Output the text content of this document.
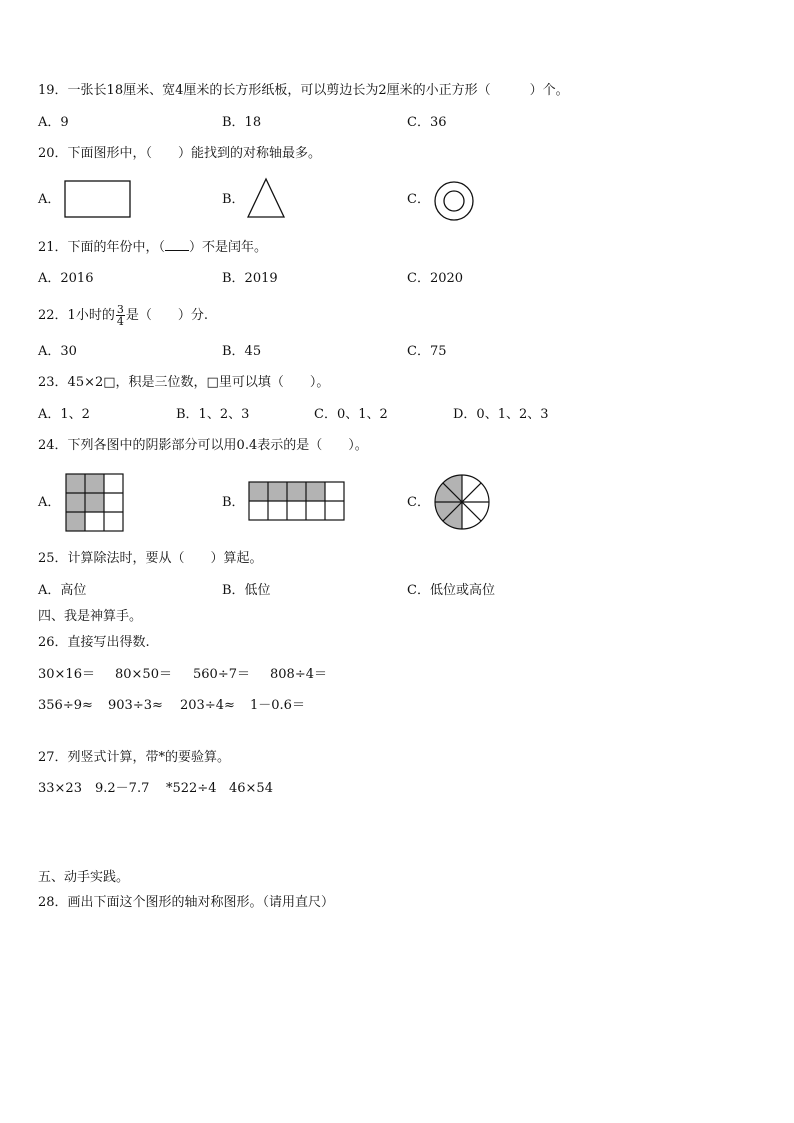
19．一张长18厘米、宽4厘米的长方形纸板，可以剪边长为2厘米的小正方形（　　　）个。
A．9	B．18	C．36
20．下面图形中，（　　）能找到的对称轴最多。
A．	B．	C．
21．下面的年份中，（ ）不是闰年。
A．2016	B．2019	C．2020
22．1小时的 $\frac{3}{4}$ 是（　　）分.
A．30	B．45	C．75
23．45×2□，积是三位数，□里可以填（　　）。
A．1、2	B．1、2、3	C．0、1、2	D．0、1、2、3
24．下列各图中的阴影部分可以用0.4表示的是（　　）。
A．	B．	C．
25．计算除法时，要从（　　）算起。
A．高位	B．低位	C．低位或高位
四、我是神算手。
26．直接写出得数.
30×16＝ 80×50＝ 560÷7＝ 808÷4＝
356÷9≈ 903÷3≈ 203÷4≈ 1－0.6＝
27．列竖式计算，带*的要验算。
33×23 9.2－7.7 *522÷4 46×54
五、动手实践。
28．画出下面这个图形的轴对称图形。（请用直尺）
